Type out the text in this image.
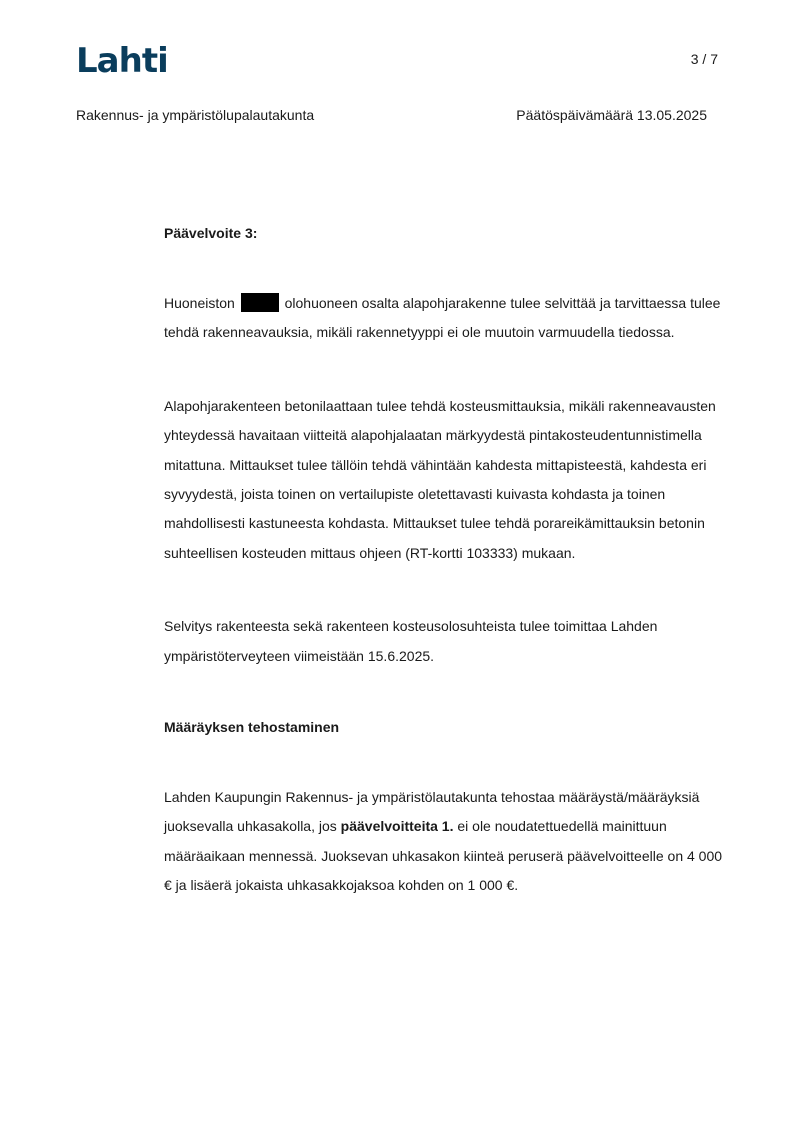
Lahti	3 / 7
Rakennus- ja ympäristölupalautakunta	Päätöspäivämäärä 13.05.2025

Päävelvoite 3:

Huoneiston	olohuoneen osalta alapohjarakenne tulee selvittää ja tarvittaessa tulee tehdä rakenneavauksia, mikäli rakennetyyppi ei ole muutoin varmuudella tiedossa.

Alapohjarakenteen betonilaattaan tulee tehdä kosteusmittauksia, mikäli rakenneavausten yhteydessä havaitaan viitteitä alapohjalaatan märkyydestä pintakosteudentunnistimella mitattuna. Mittaukset tulee tällöin tehdä vähintään kahdesta mittapisteestä, kahdesta eri syvyydestä, joista toinen on vertailupiste oletettavasti kuivasta kohdasta ja toinen mahdollisesti kastuneesta kohdasta. Mittaukset tulee tehdä porareikämittauksin betonin suhteellisen kosteuden mittaus ohjeen (RT-kortti 103333) mukaan.

Selvitys rakenteesta sekä rakenteen kosteusolosuhteista tulee toimittaa Lahden ympäristöterveyteen viimeistään 15.6.2025.

Määräyksen tehostaminen

Lahden Kaupungin Rakennus- ja ympäristölautakunta tehostaa määräystä/määräyksiä juoksevalla uhkasakolla, jos päävelvoitteita 1. ei ole noudatettuedellä mainittuun määräaikaan mennessä. Juoksevan uhkasakon kiinteä peruserä päävelvoitteelle on 4 000 € ja lisäerä jokaista uhkasakkojaksoa kohden on 1 000 €.
